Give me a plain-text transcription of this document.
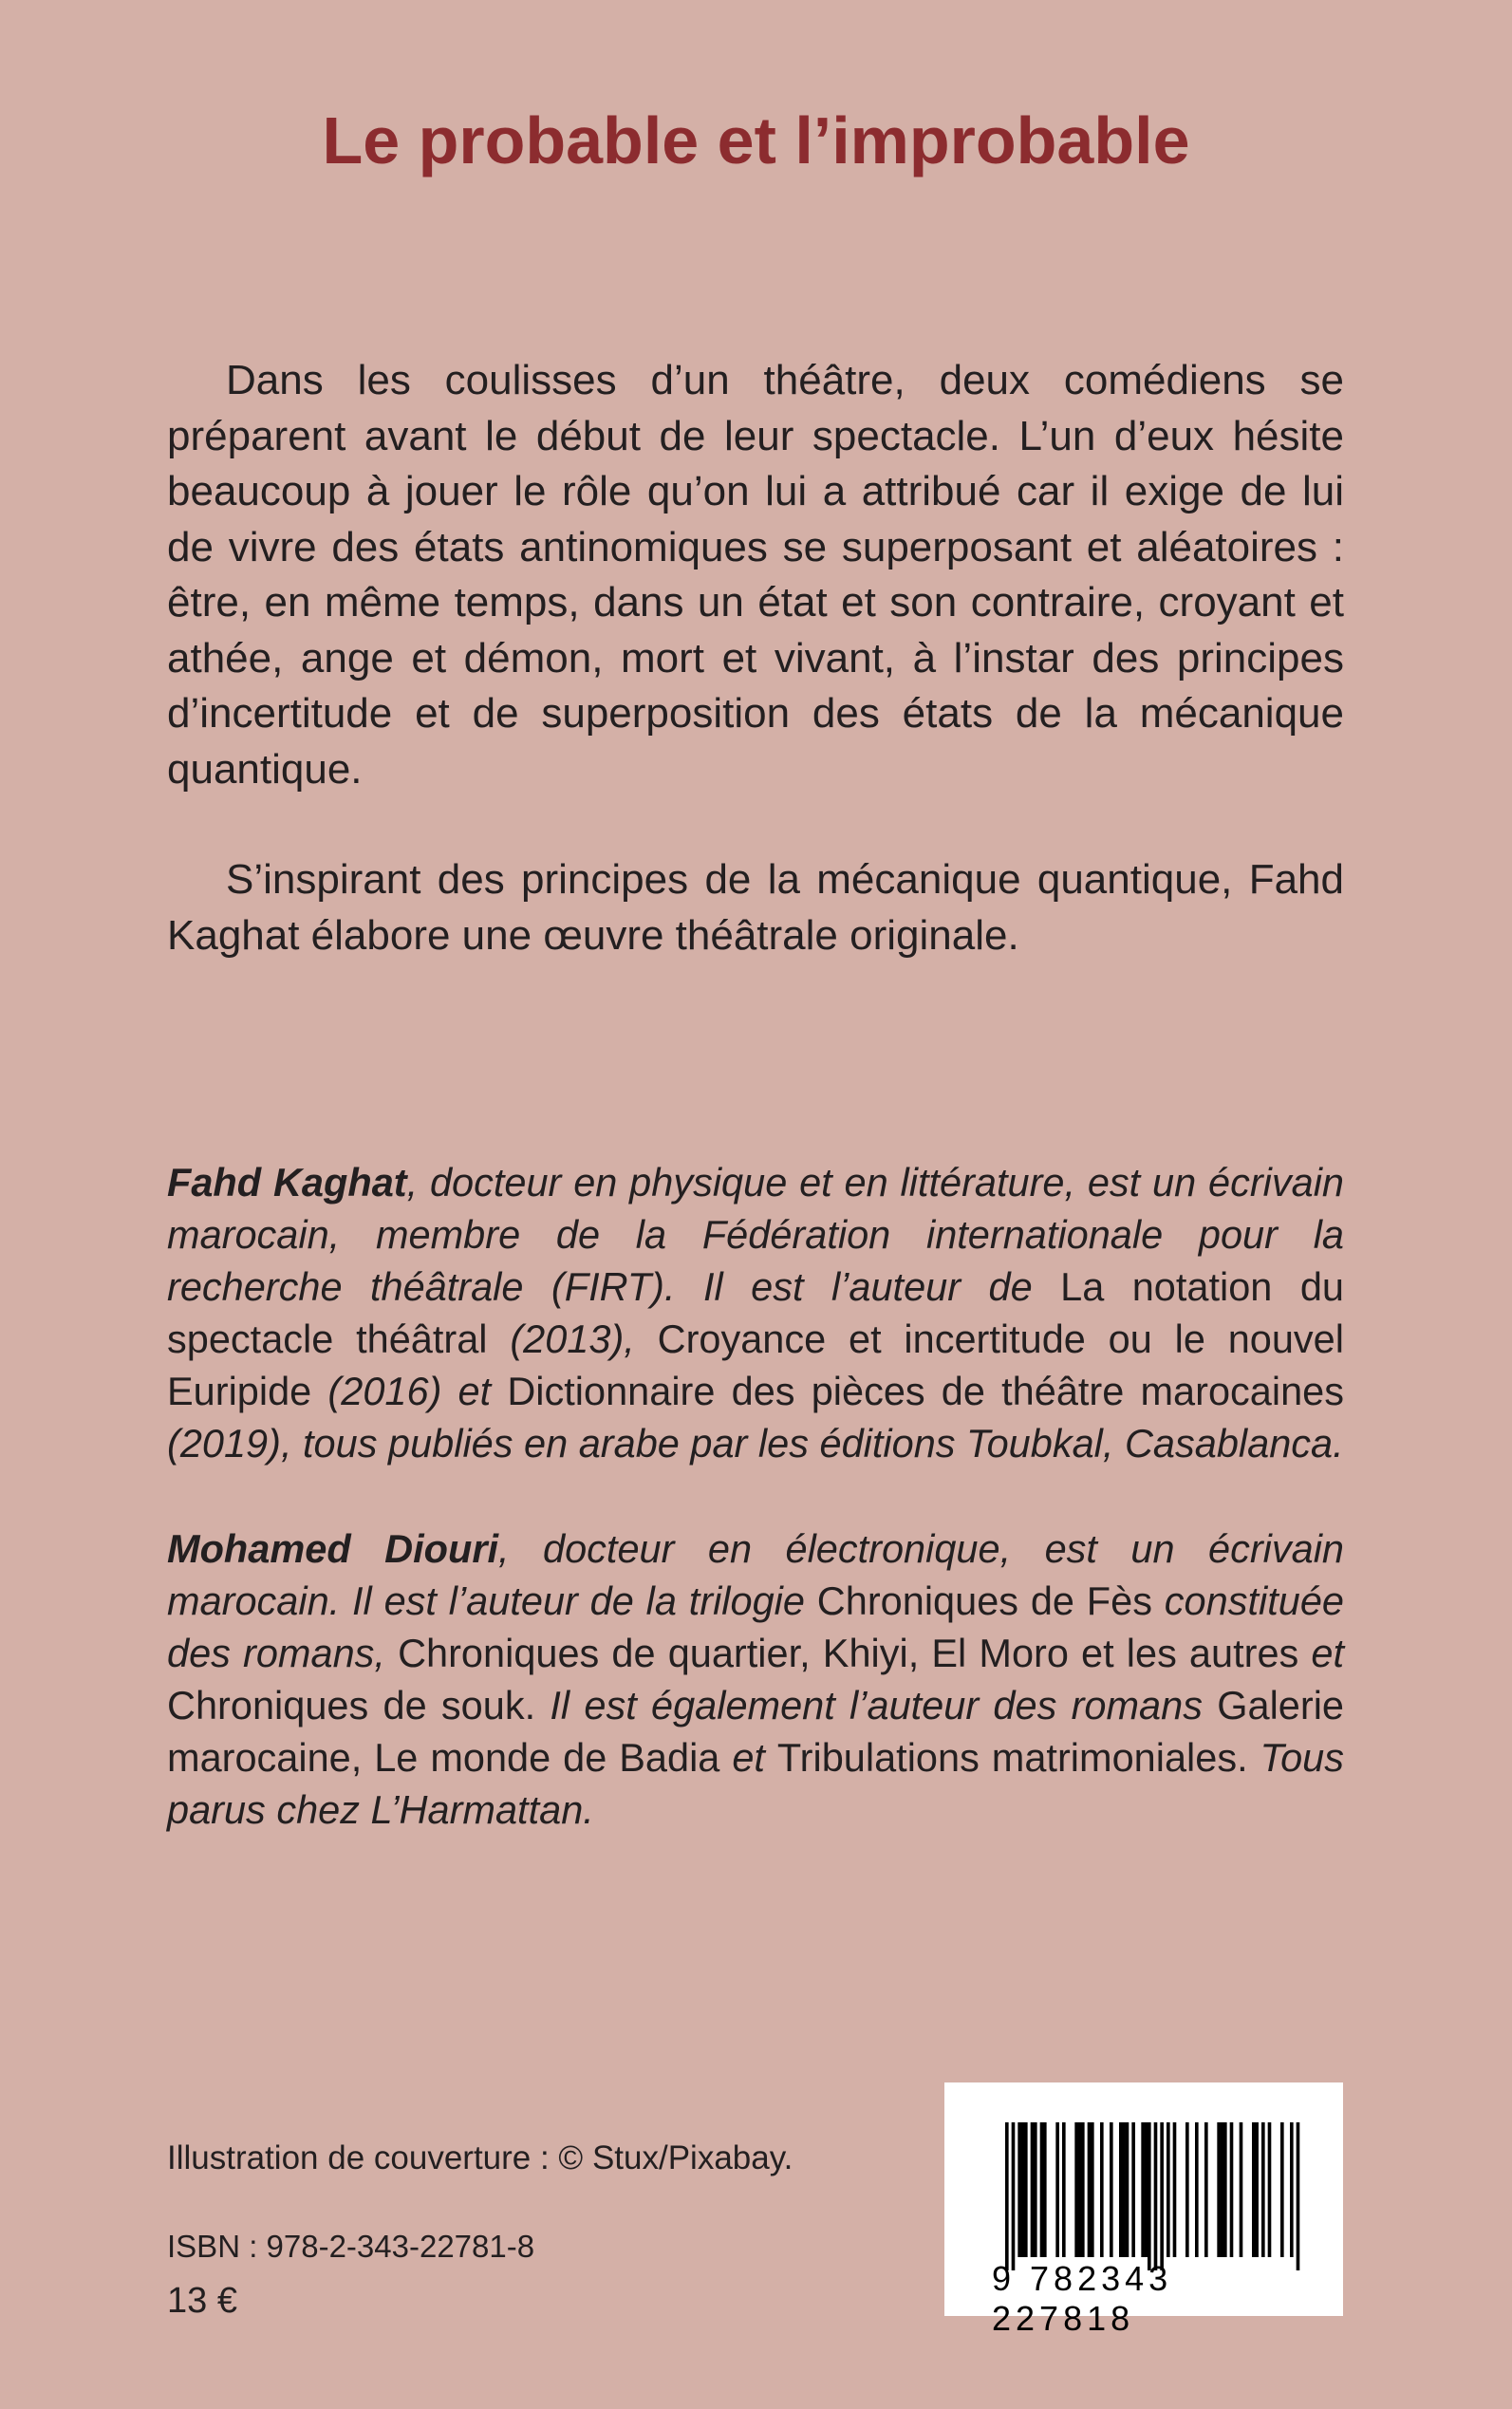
Le probable et l’improbable

Dans les coulisses d’un théâtre, deux comédiens se préparent avant le début de leur spectacle. L’un d’eux hésite beaucoup à jouer le rôle qu’on lui a attribué car il exige de lui de vivre des états antinomiques se superposant et aléatoires : être, en même temps, dans un état et son contraire, croyant et athée, ange et démon, mort et vivant, à l’instar des principes d’incertitude et de superposition des états de la mécanique quantique.

S’inspirant des principes de la mécanique quantique, Fahd Kaghat élabore une œuvre théâtrale originale.

Fahd Kaghat, docteur en physique et en littérature, est un écrivain marocain, membre de la Fédération internationale pour la recherche théâtrale (FIRT). Il est l’auteur de La notation du spectacle théâtral (2013), Croyance et incertitude ou le nouvel Euripide (2016) et Dictionnaire des pièces de théâtre marocaines (2019), tous publiés en arabe par les éditions Toubkal, Casablanca.

Mohamed Diouri, docteur en électronique, est un écrivain marocain. Il est l’auteur de la trilogie Chroniques de Fès constituée des romans, Chroniques de quartier, Khiyi, El Moro et les autres et Chroniques de souk. Il est également l’auteur des romans Galerie marocaine, Le monde de Badia et Tribulations matrimoniales. Tous parus chez L’Harmattan.

Illustration de couverture : © Stux/Pixabay.
ISBN : 978-2-343-22781-8
13 €
9 782343 227818
